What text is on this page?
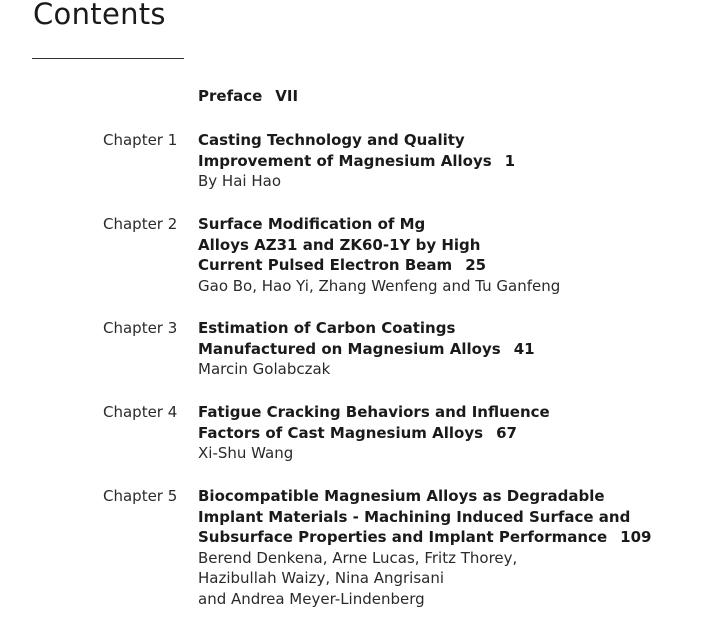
Contents
Preface VII
Chapter 1 Casting Technology and Quality
Improvement of Magnesium Alloys 1
By Hai Hao
Chapter 2 Surface Modification of Mg
Alloys AZ31 and ZK60-1Y by High
Current Pulsed Electron Beam 25
Gao Bo, Hao Yi, Zhang Wenfeng and Tu Ganfeng
Chapter 3 Estimation of Carbon Coatings
Manufactured on Magnesium Alloys 41
Marcin Golabczak
Chapter 4 Fatigue Cracking Behaviors and Influence
Factors of Cast Magnesium Alloys 67
Xi-Shu Wang
Chapter 5 Biocompatible Magnesium Alloys as Degradable
Implant Materials - Machining Induced Surface and
Subsurface Properties and Implant Performance 109
Berend Denkena, Arne Lucas, Fritz Thorey,
Hazibullah Waizy, Nina Angrisani
and Andrea Meyer-Lindenberg
